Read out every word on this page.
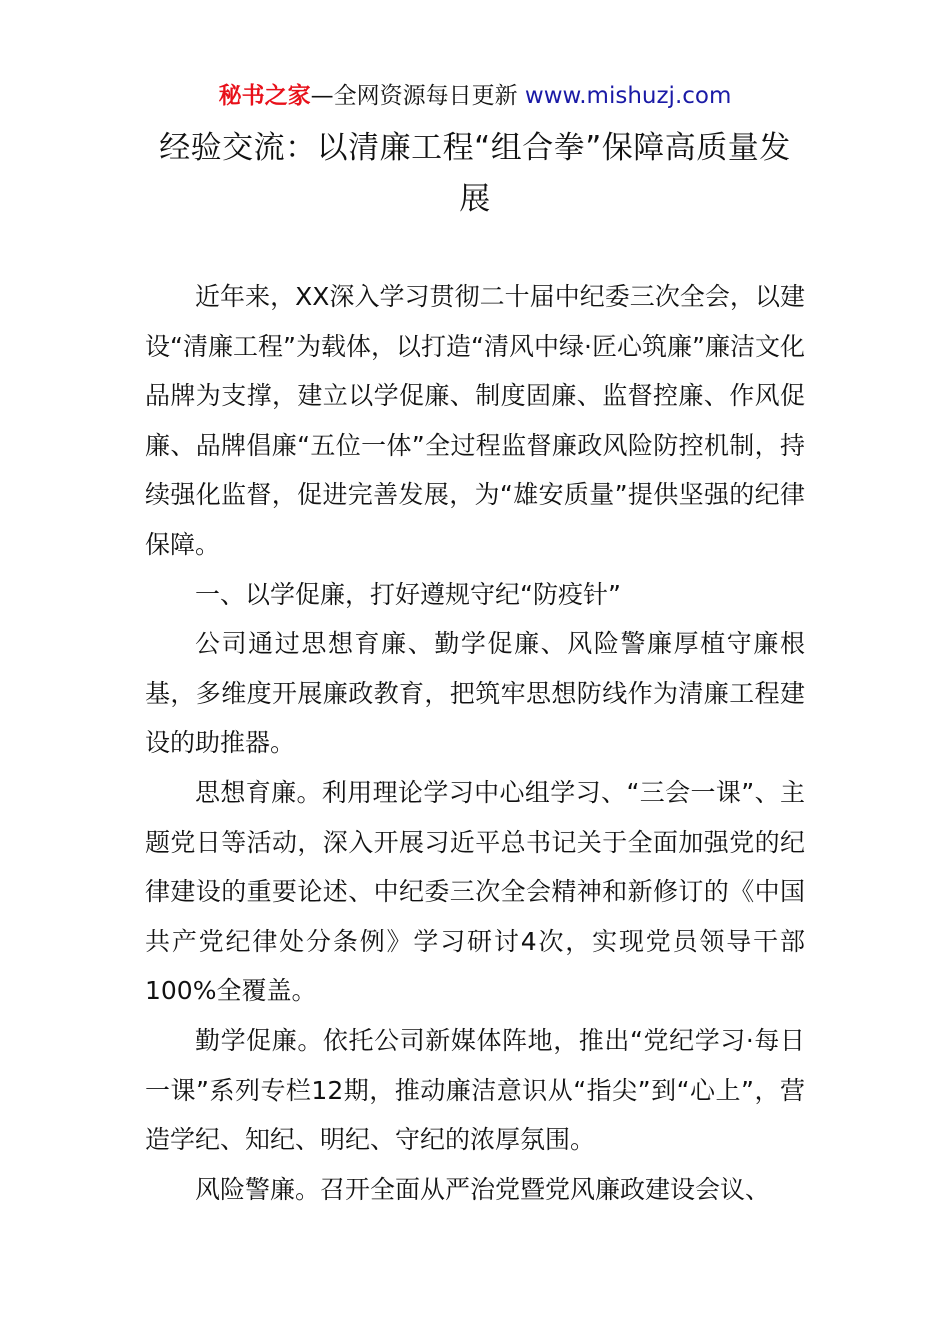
秘书之家—全网资源每日更新 www.mishuzj.com
经验交流：以清廉工程“组合拳”保障高质量发展

近年来，XX深入学习贯彻二十届中纪委三次全会，以建设“清廉工程”为载体，以打造“清风中绿·匠心筑廉”廉洁文化品牌为支撑，建立以学促廉、制度固廉、监督控廉、作风促廉、品牌倡廉“五位一体”全过程监督廉政风险防控机制，持续强化监督，促进完善发展，为“雄安质量”提供坚强的纪律保障。

一、以学促廉，打好遵规守纪“防疫针”

公司通过思想育廉、勤学促廉、风险警廉厚植守廉根基，多维度开展廉政教育，把筑牢思想防线作为清廉工程建设的助推器。

思想育廉。利用理论学习中心组学习、“三会一课”、主题党日等活动，深入开展习近平总书记关于全面加强党的纪律建设的重要论述、中纪委三次全会精神和新修订的《中国共产党纪律处分条例》学习研讨4次，实现党员领导干部100%全覆盖。

勤学促廉。依托公司新媒体阵地，推出“党纪学习·每日一课”系列专栏12期，推动廉洁意识从“指尖”到“心上”，营造学纪、知纪、明纪、守纪的浓厚氛围。

风险警廉。召开全面从严治党暨党风廉政建设会议、
